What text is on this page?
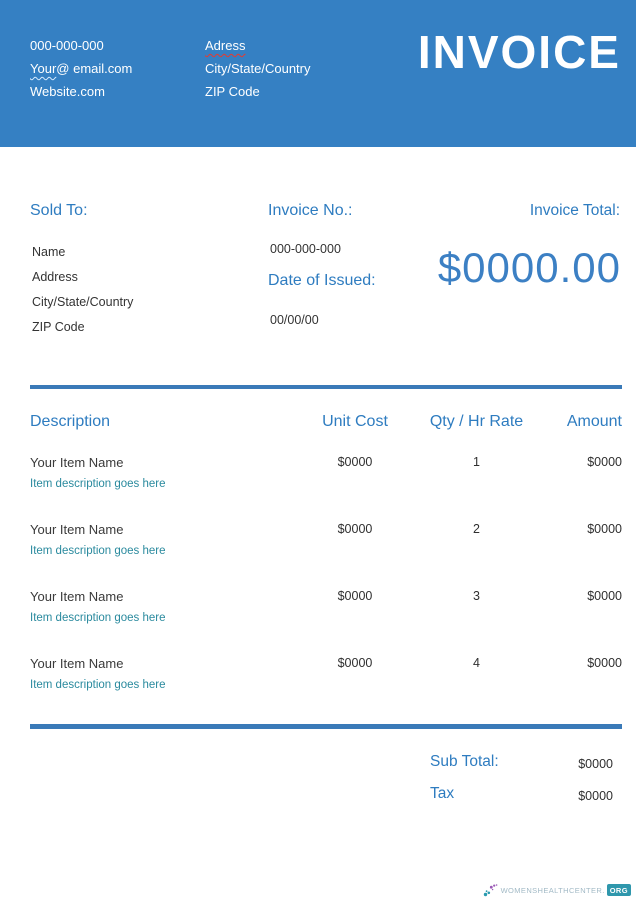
000-000-000
Your@ email.com
Website.com
Adress
City/State/Country
ZIP Code
INVOICE
Sold To:
Name
Address
City/State/Country
ZIP Code
Invoice No.:
000-000-000
Date of Issued:
00/00/00
Invoice Total:
$0000.00
Description	Unit Cost	Qty / Hr Rate	Amount
Your Item Name
Item description goes here
$0000	1	$0000
Your Item Name
Item description goes here
$0000	2	$0000
Your Item Name
Item description goes here
$0000	3	$0000
Your Item Name
Item description goes here
$0000	4	$0000
Sub Total:	$0000
Tax	$0000
WOMENSHEALTHCENTER. ORG
